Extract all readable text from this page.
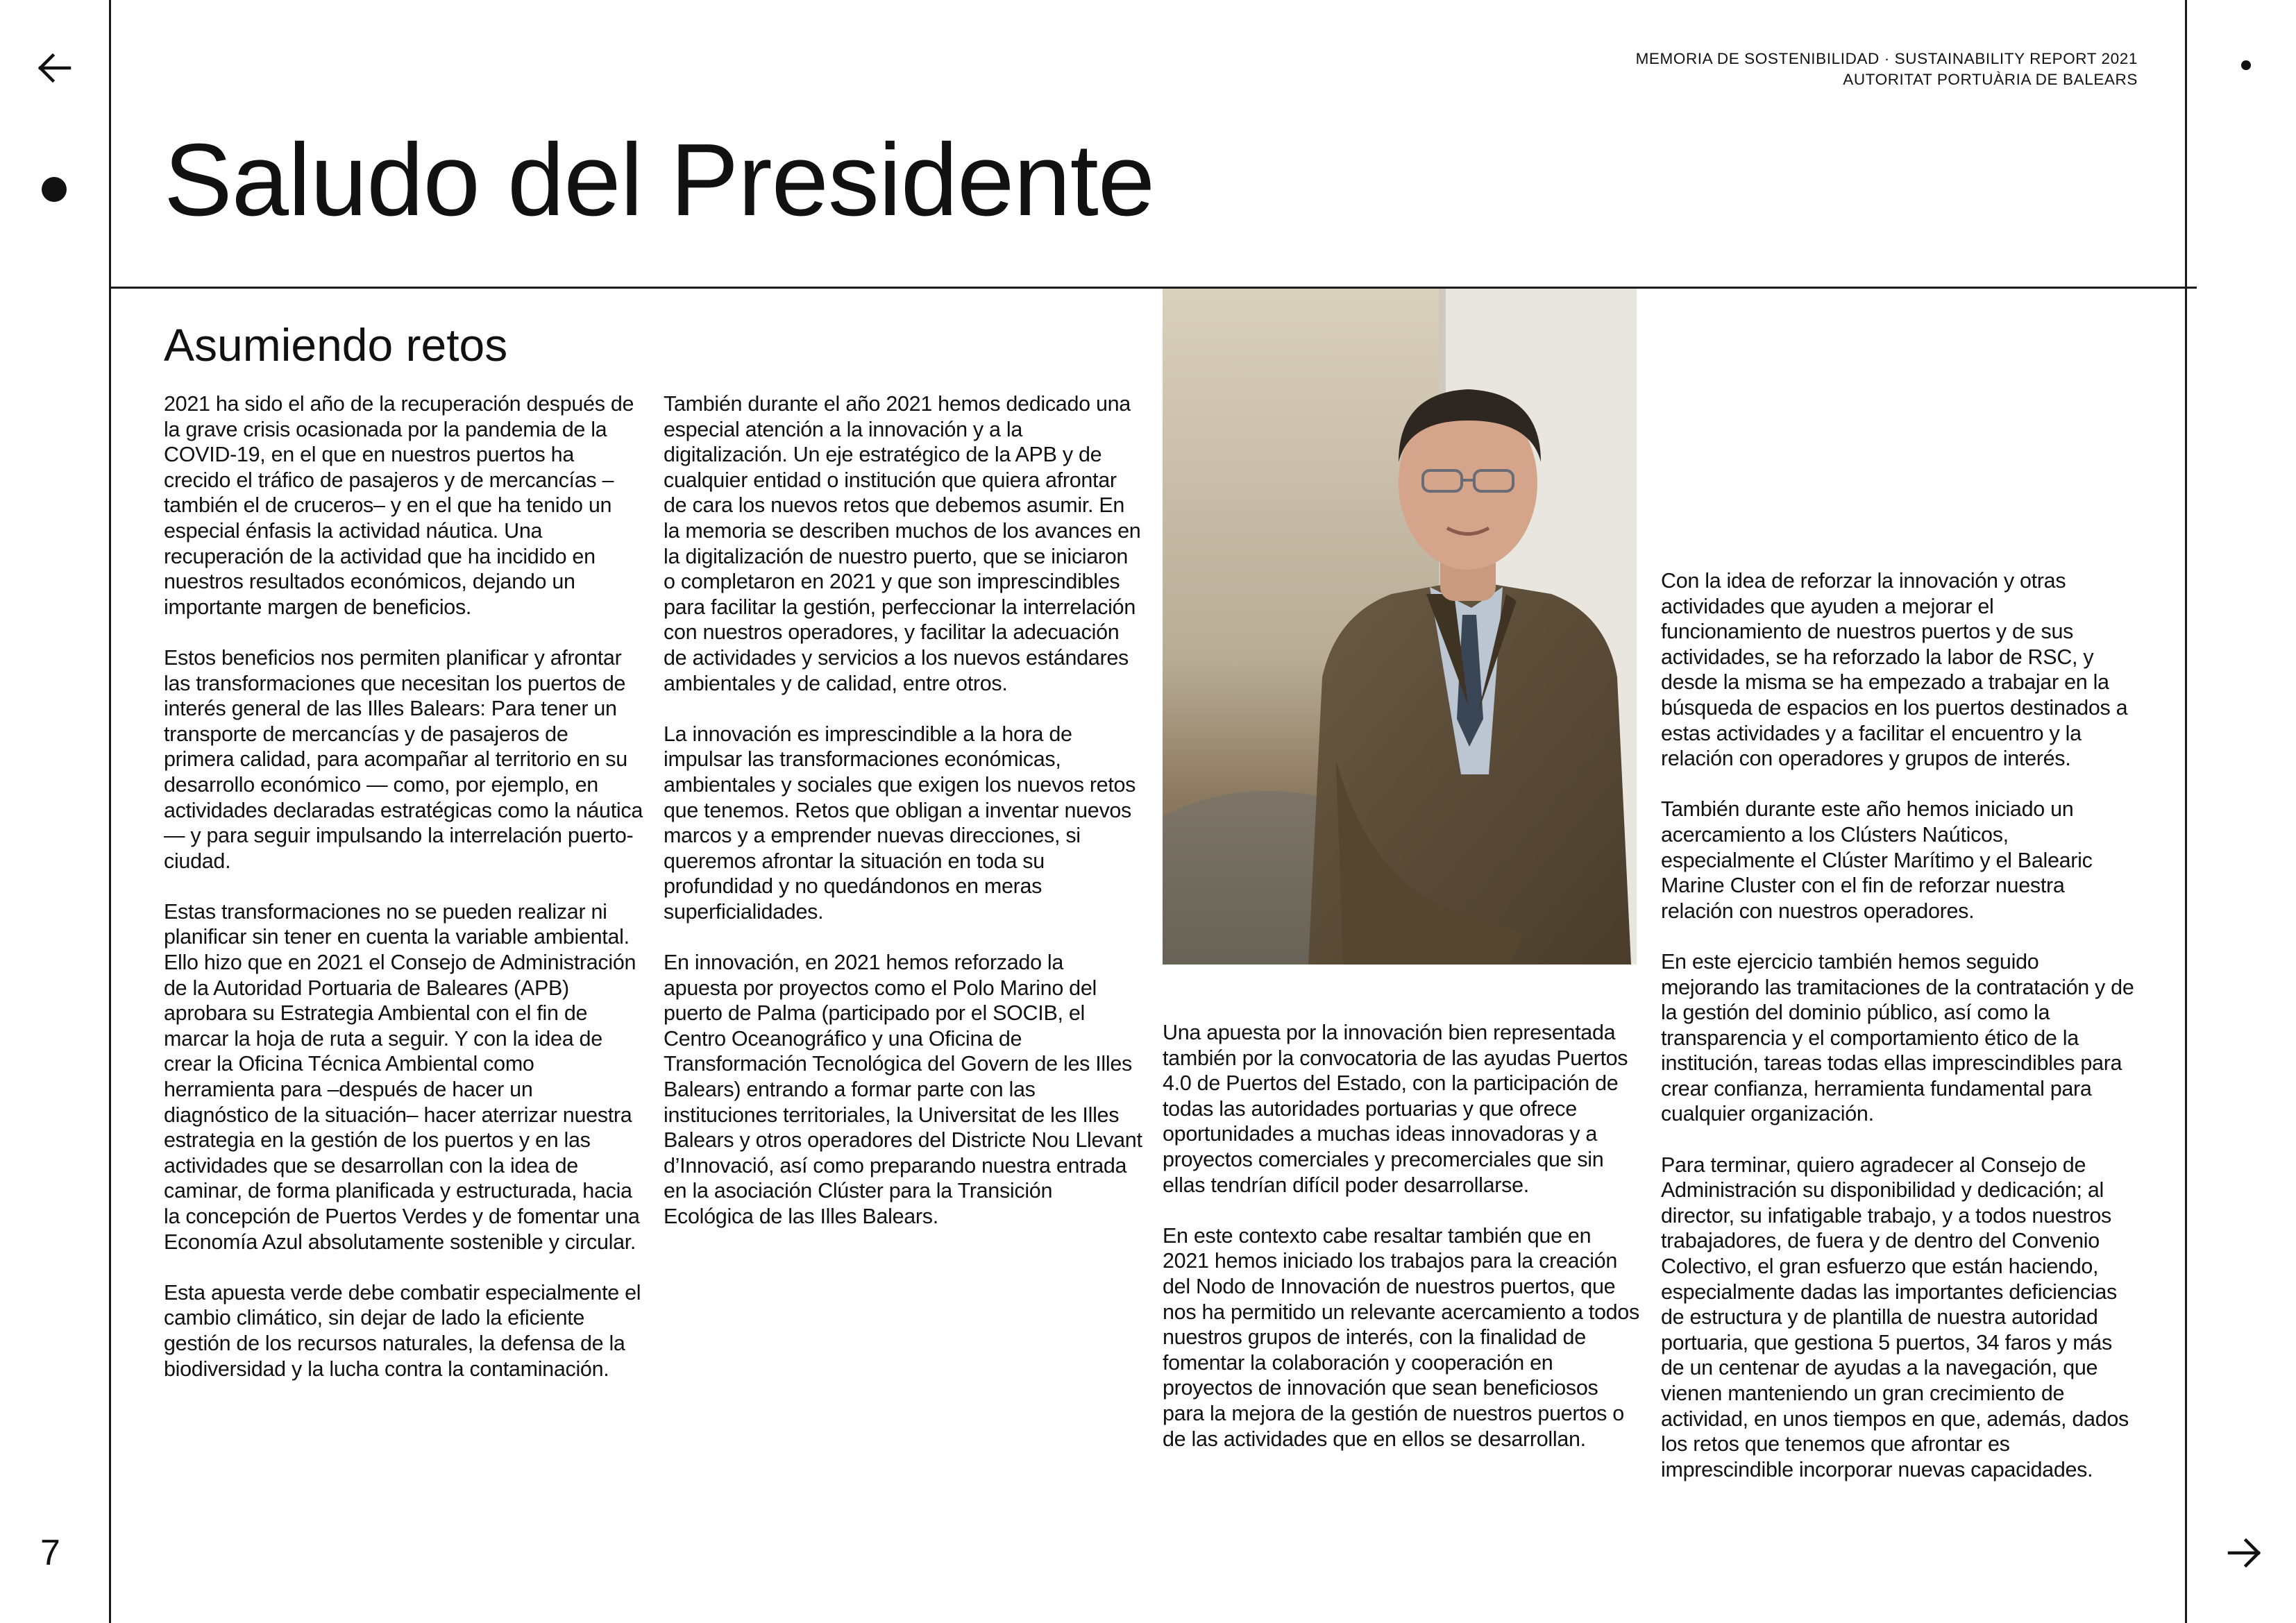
7
MEMORIA DE SOSTENIBILIDAD · SUSTAINABILITY REPORT 2021
AUTORITAT PORTUÀRIA DE BALEARS
Saludo del Presidente
Asumiendo retos

2021 ha sido el año de la recuperación después de la grave crisis ocasionada por la pandemia de la COVID-19, en el que en nuestros puertos ha crecido el tráfico de pasajeros y de mercancías –también el de cruceros– y en el que ha tenido un especial énfasis la actividad náutica. Una recuperación de la actividad que ha incidido en nuestros resultados económicos, dejando un importante margen de beneficios.

Estos beneficios nos permiten planificar y afrontar las transformaciones que necesitan los puertos de interés general de las Illes Balears: Para tener un transporte de mercancías y de pasajeros de primera calidad, para acompañar al territorio en su desarrollo económico — como, por ejemplo, en actividades declaradas estratégicas como la náutica— y para seguir impulsando la interrelación puerto-ciudad.

Estas transformaciones no se pueden realizar ni planificar sin tener en cuenta la variable ambiental. Ello hizo que en 2021 el Consejo de Administración de la Autoridad Portuaria de Baleares (APB) aprobara su Estrategia Ambiental con el fin de marcar la hoja de ruta a seguir. Y con la idea de crear la Oficina Técnica Ambiental como herramienta para –después de hacer un diagnóstico de la situación– hacer aterrizar nuestra estrategia en la gestión de los puertos y en las actividades que se desarrollan con la idea de caminar, de forma planificada y estructurada, hacia la concepción de Puertos Verdes y de fomentar una Economía Azul absolutamente sostenible y circular.

Esta apuesta verde debe combatir especialmente el cambio climático, sin dejar de lado la eficiente gestión de los recursos naturales, la defensa de la biodiversidad y la lucha contra la contaminación.

También durante el año 2021 hemos dedicado una especial atención a la innovación y a la digitalización. Un eje estratégico de la APB y de cualquier entidad o institución que quiera afrontar de cara los nuevos retos que debemos asumir. En la memoria se describen muchos de los avances en la digitalización de nuestro puerto, que se iniciaron o completaron en 2021 y que son imprescindibles para facilitar la gestión, perfeccionar la interrelación con nuestros operadores, y facilitar la adecuación de actividades y servicios a los nuevos estándares ambientales y de calidad, entre otros.

La innovación es imprescindible a la hora de impulsar las transformaciones económicas, ambientales y sociales que exigen los nuevos retos que tenemos. Retos que obligan a inventar nuevos marcos y a emprender nuevas direcciones, si queremos afrontar la situación en toda su profundidad y no quedándonos en meras superficialidades.

En innovación, en 2021 hemos reforzado la apuesta por proyectos como el Polo Marino del puerto de Palma (participado por el SOCIB, el Centro Oceanográfico y una Oficina de Transformación Tecnológica del Govern de les Illes Balears) entrando a formar parte con las instituciones territoriales, la Universitat de les Illes Balears y otros operadores del Districte Nou Llevant d’Innovació, así como preparando nuestra entrada en la asociación Clúster para la Transición Ecológica de las Illes Balears.

Una apuesta por la innovación bien representada también por la convocatoria de las ayudas Puertos 4.0 de Puertos del Estado, con la participación de todas las autoridades portuarias y que ofrece oportunidades a muchas ideas innovadoras y a proyectos comerciales y precomerciales que sin ellas tendrían difícil poder desarrollarse.

En este contexto cabe resaltar también que en 2021 hemos iniciado los trabajos para la creación del Nodo de Innovación de nuestros puertos, que nos ha permitido un relevante acercamiento a todos nuestros grupos de interés, con la finalidad de fomentar la colaboración y cooperación en proyectos de innovación que sean beneficiosos para la mejora de la gestión de nuestros puertos o de las actividades que en ellos se desarrollan.

Con la idea de reforzar la innovación y otras actividades que ayuden a mejorar el funcionamiento de nuestros puertos y de sus actividades, se ha reforzado la labor de RSC, y desde la misma se ha empezado a trabajar en la búsqueda de espacios en los puertos destinados a estas actividades y a facilitar el encuentro y la relación con operadores y grupos de interés.

También durante este año hemos iniciado un acercamiento a los Clústers Naúticos, especialmente el Clúster Marítimo y el Balearic Marine Cluster con el fin de reforzar nuestra relación con nuestros operadores.

En este ejercicio también hemos seguido mejorando las tramitaciones de la contratación y de la gestión del dominio público, así como la transparencia y el comportamiento ético de la institución, tareas todas ellas imprescindibles para crear confianza, herramienta fundamental para cualquier organización.

Para terminar, quiero agradecer al Consejo de Administración su disponibilidad y dedicación; al director, su infatigable trabajo, y a todos nuestros trabajadores, de fuera y de dentro del Convenio Colectivo, el gran esfuerzo que están haciendo, especialmente dadas las importantes deficiencias de estructura y de plantilla de nuestra autoridad portuaria, que gestiona 5 puertos, 34 faros y más de un centenar de ayudas a la navegación, que vienen manteniendo un gran crecimiento de actividad, en unos tiempos en que, además, dados los retos que tenemos que afrontar es imprescindible incorporar nuevas capacidades.
